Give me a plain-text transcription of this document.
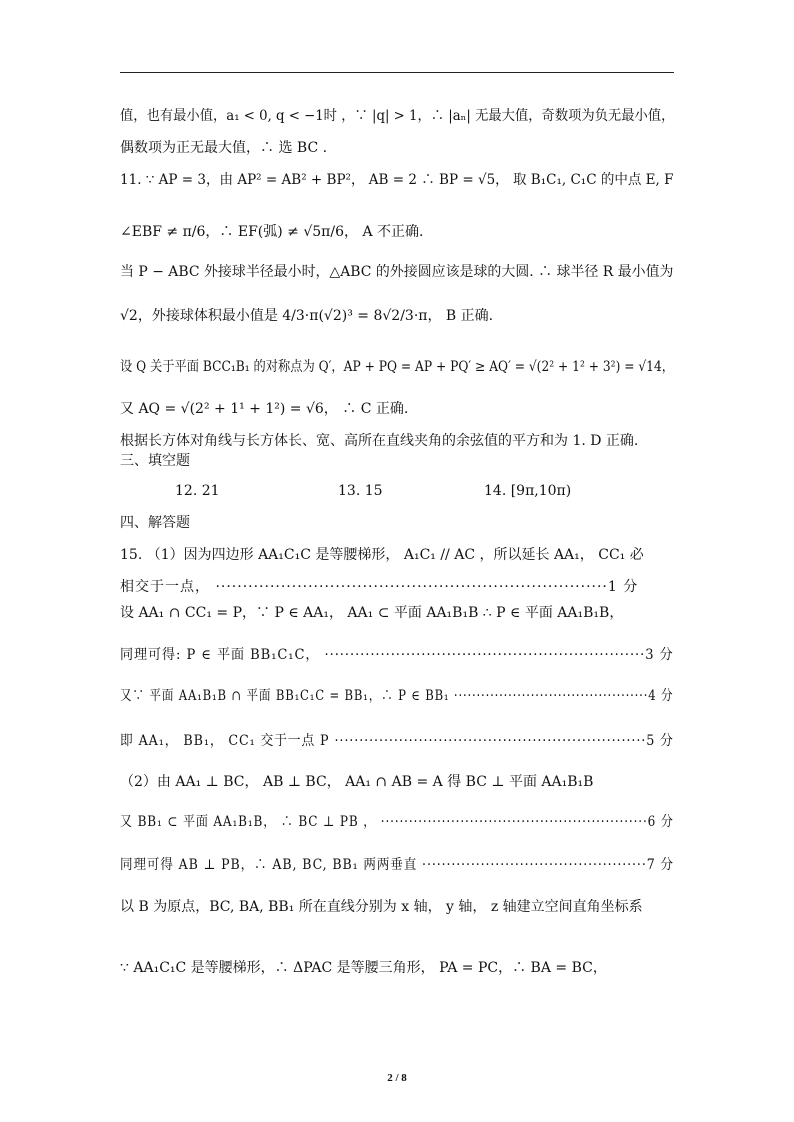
值，也有最小值，a₁ < 0, q < −1时 ，∵ |q| > 1，∴ |aₙ| 无最大值，奇数项为负无最小值，
偶数项为正无最大值，∴ 选 BC .
11. ∵ AP = 3，由 AP² = AB² + BP²， AB = 2 ∴ BP = √5， 取 B₁C₁, C₁C 的中点 E, F
∠EBF ≠ π/6，∴ EF(弧) ≠ √5π/6， A 不正确.
当 P − ABC 外接球半径最小时，△ABC 的外接圆应该是球的大圆. ∴ 球半径 R 最小值为
√2，外接球体积最小值是 4/3·π(√2)³ = 8√2/3·π， B 正确.
设 Q 关于平面 BCC₁B₁ 的对称点为 Q′，AP + PQ = AP + PQ′ ≥ AQ′ = √(2² + 1² + 3²) = √14，
又 AQ = √(2² + 1¹ + 1²) = √6， ∴ C 正确.
根据长方体对角线与长方体长、宽、高所在直线夹角的余弦值的平方和为 1. D 正确.
三、填空题
12. 21	13. 15	14. [9π,10π)
四、解答题
15. （1）因为四边形 AA₁C₁C 是等腰梯形， A₁C₁ // AC ，所以延长 AA₁， CC₁ 必
相交于一点， ········································································1 分
设 AA₁ ∩ CC₁ = P，∵ P ∈ AA₁， AA₁ ⊂ 平面 AA₁B₁B ∴ P ∈ 平面 AA₁B₁B，
同理可得: P ∈ 平面 BB₁C₁C， ·······························································3 分
又∵ 平面 AA₁B₁B ∩ 平面 BB₁C₁C = BB₁，∴ P ∈ BB₁ ···········································4 分
即 AA₁， BB₁， CC₁ 交于一点 P ·······························································5 分
（2）由 AA₁ ⊥ BC， AB ⊥ BC， AA₁ ∩ AB = A 得 BC ⊥ 平面 AA₁B₁B
又 BB₁ ⊂ 平面 AA₁B₁B， ∴ BC ⊥ PB ， ·························································6 分
同理可得 AB ⊥ PB，∴ AB, BC, BB₁ 两两垂直 ··············································7 分
以 B 为原点，BC, BA, BB₁ 所在直线分别为 x 轴， y 轴， z 轴建立空间直角坐标系
∵ AA₁C₁C 是等腰梯形，∴ ΔPAC 是等腰三角形， PA = PC，∴ BA = BC，
2 / 8
